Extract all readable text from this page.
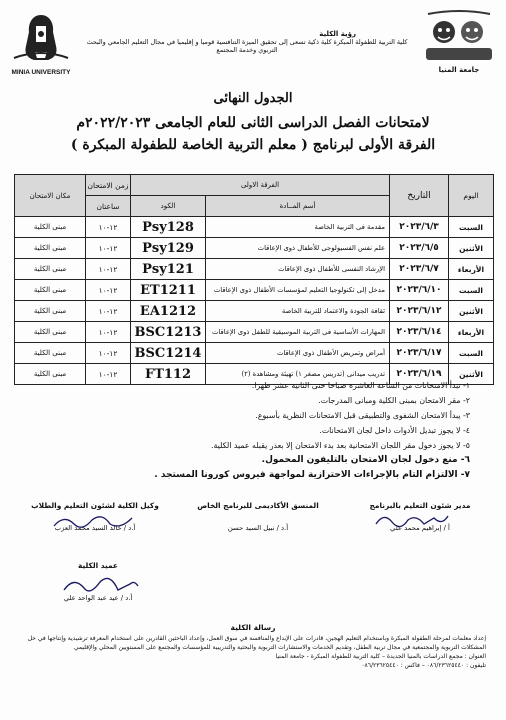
MINIA UNIVERSITY
رؤية الكلية
كلية التربية للطفولة المبكرة كلية ذكية تسعى إلى تحقيق الميزة التنافسية قوميا و إقليميا في مجال التعليم الجامعي والبحث التربوي وخدمة المجتمع
جامعة المنيا
الجدول النهائى
لامتحانات الفصل الدراسى الثانى للعام الجامعى ٢٠٢٢/٢٠٢٣م
الفرقة الأولى لبرنامج ( معلم التربية الخاصة للطفولة المبكرة )
اليوم	التاريخ	الفرقة الاولى		زمن الامتحان	مكان الامتحان
		أسم المــادة	الكود	ساعتان	
السبت	٢٠٢٣/٦/٣	مقدمة فى التربية الخاصة	Psy128	١٢-١٠	مبنى الكلية
الأثنين	٢٠٢٣/٦/٥	علم نفس الفسيولوجى للأطفال ذوى الإعاقات	Psy129	١٢-١٠	مبنى الكلية
الأربعاء	٢٠٢٣/٦/٧	الإرشاد النفسى للأطفال ذوى الإعاقات	Psy121	١٢-١٠	مبنى الكلية
السبت	٢٠٢٣/٦/١٠	مدخل إلى تكنولوجيا التعليم لمؤسسات الأطفال ذوى الإعاقات	ET1211	١٢-١٠	مبنى الكلية
الأثنين	٢٠٢٣/٦/١٢	ثقافة الجودة والاعتماد للتربية الخاصة	EA1212	١٢-١٠	مبنى الكلية
الأربعاء	٢٠٢٣/٦/١٤	المهارات الأساسية فى التربية الموسيقية للطفل ذوى الإعاقات	BSC1213	١٢-١٠	مبنى الكلية
السبت	٢٠٢٣/٦/١٧	أمراض وتمريض الأطفال ذوى الإعاقات	BSC1214	١٢-١٠	مبنى الكلية
الأثنين	٢٠٢٣/٦/١٩	تدريب ميدانى (تدريس مصغر ١) تهيئة ومشاهدة (٢)	FT112	١٢-١٠	مبنى الكلية
١- تبدأ الامتحانات من الساعة العاشرة صباحا حتى الثانية عشر ظهرا.
٢- مقر الامتحان بمبنى الكلية ومبانى المدرجات.
٣- يبدأ الامتحان الشفوى والتطبيقى قبل الامتحانات النظرية بأسبوع.
٤- لا يجوز تبديل الأدوات داخل لجان الامتحانات.
٥- لا يجوز دخول مقر اللجان الامتحانية بعد بدء الامتحان إلا بعذر يقبله عميد الكلية.
٦- منع دخول لجان الامتحان بالتليفون المحمول.
٧- الالتزام التام بالإجراءات الاحترازية لمواجهة فيروس كورونا المستجد .
مدير شئون التعليم بالبرنامج
أ / إبراهيم محمد علي
المنسق الأكاديمى للبرنامج الخاص
أ.د / نبيل السيد حسن
وكيل الكلية لشئون التعليم والطلاب
أ.د / خالد السيد محمد العزب
عميد الكلية
أ.د / عيد عبد الواحد علي
رسالة الكلية
إعداد معلمات لمرحلة الطفولة المبكرة وباستخدام التعليم الهجين، قادرات على الإبداع والمنافسة في سوق العمل، وإعداد الباحثين القادرين على استخدام المعرفة ترشيدية وإنتاجها في حل المشكلات التربوية والمجتمعية في مجال تربية الطفل، وتقديم الخدمات والاستشارات التربوية والبحثية والتدريبية للمؤسسات والمجتمع على المستويين المحلي والإقليمي
العنوان : مجمع الدراسات بالمنيا الجديدة – كلية التربية للطفولة المبكرة - جامعة المنيا
تليفون : ٠٨٦/٢٣٦٢٥٤٤٠ – فاكس : ٠٨٦/٢٣٦٢٥٤٤٠
